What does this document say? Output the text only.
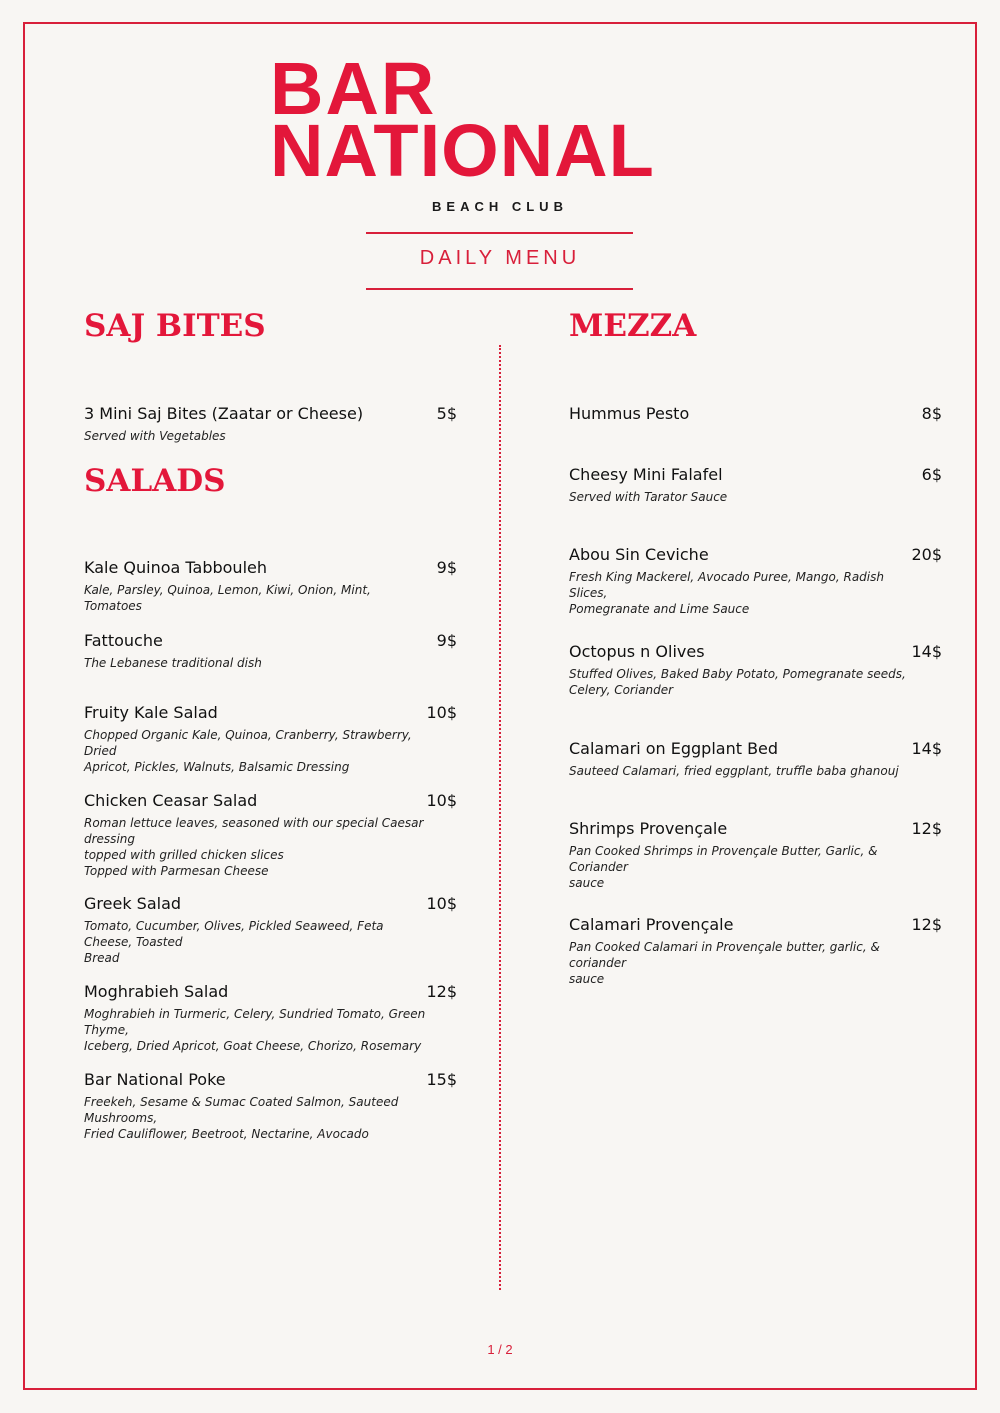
BAR
NATIONAL
BEACH CLUB
DAILY MENU
SAJ BITES
3 Mini Saj Bites (Zaatar or Cheese)	5$
Served with Vegetables
SALADS
Kale Quinoa Tabbouleh	9$
Kale, Parsley, Quinoa, Lemon, Kiwi, Onion, Mint, Tomatoes
Fattouche	9$
The Lebanese traditional dish
Fruity Kale Salad	10$
Chopped Organic Kale, Quinoa, Cranberry, Strawberry, Dried
Apricot, Pickles, Walnuts, Balsamic Dressing
Chicken Ceasar Salad	10$
Roman lettuce leaves, seasoned with our special Caesar dressing
topped with grilled chicken slices
Topped with Parmesan Cheese
Greek Salad	10$
Tomato, Cucumber, Olives, Pickled Seaweed, Feta Cheese, Toasted
Bread
Moghrabieh Salad	12$
Moghrabieh in Turmeric, Celery, Sundried Tomato, Green Thyme,
Iceberg, Dried Apricot, Goat Cheese, Chorizo, Rosemary
Bar National Poke	15$
Freekeh, Sesame & Sumac Coated Salmon, Sauteed Mushrooms,
Fried Cauliflower, Beetroot, Nectarine, Avocado
MEZZA
Hummus Pesto	8$
Cheesy Mini Falafel	6$
Served with Tarator Sauce
Abou Sin Ceviche	20$
Fresh King Mackerel, Avocado Puree, Mango, Radish Slices,
Pomegranate and Lime Sauce
Octopus n Olives	14$
Stuffed Olives, Baked Baby Potato, Pomegranate seeds,
Celery, Coriander
Calamari on Eggplant Bed	14$
Sauteed Calamari, fried eggplant, truffle baba ghanouj
Shrimps Provençale	12$
Pan Cooked Shrimps in Provençale Butter, Garlic, & Coriander
sauce
Calamari Provençale	12$
Pan Cooked Calamari in Provençale butter, garlic, & coriander
sauce
1 / 2
